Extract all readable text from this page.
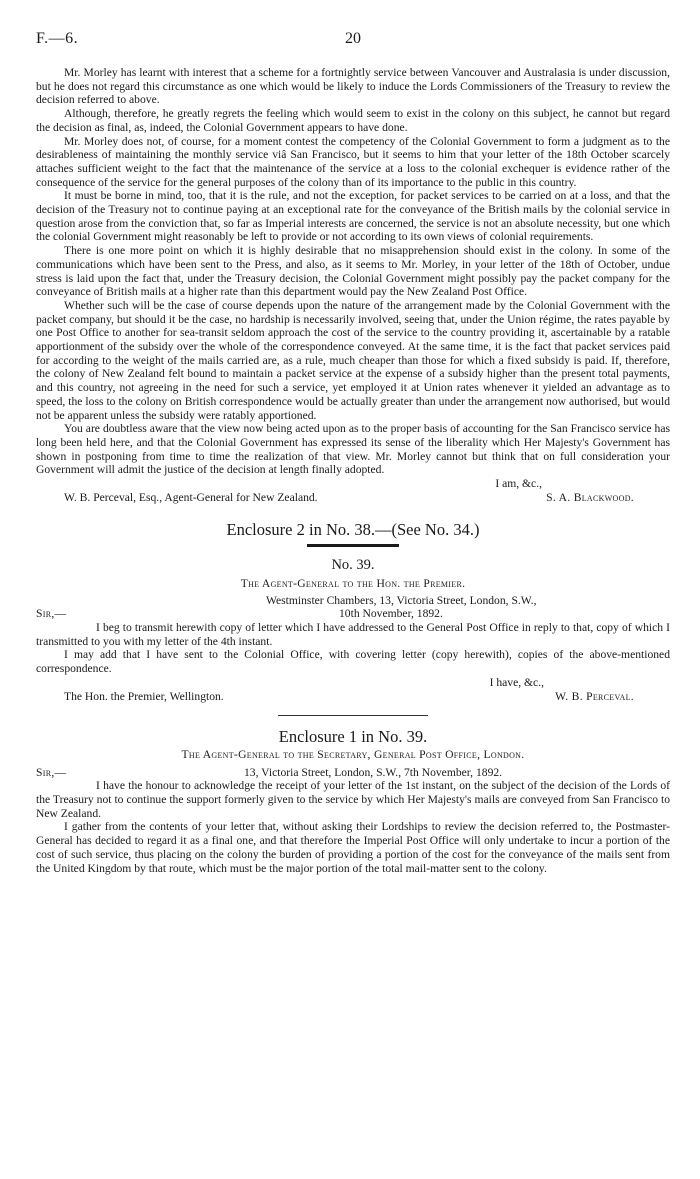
F.—6.	20

Mr. Morley has learnt with interest that a scheme for a fortnightly service between Vancouver and Australasia is under discussion, but he does not regard this circumstance as one which would be likely to induce the Lords Commissioners of the Treasury to review the decision referred to above.

Although, therefore, he greatly regrets the feeling which would seem to exist in the colony on this subject, he cannot but regard the decision as final, as, indeed, the Colonial Government appears to have done.

Mr. Morley does not, of course, for a moment contest the competency of the Colonial Government to form a judgment as to the desirableness of maintaining the monthly service viâ San Francisco, but it seems to him that your letter of the 18th October scarcely attaches sufficient weight to the fact that the maintenance of the service at a loss to the colonial exchequer is evidence rather of the consequence of the service for the general purposes of the colony than of its importance to the public in this country.

It must be borne in mind, too, that it is the rule, and not the exception, for packet services to be carried on at a loss, and that the decision of the Treasury not to continue paying at an exceptional rate for the conveyance of the British mails by the colonial service in question arose from the conviction that, so far as Imperial interests are concerned, the service is not an absolute necessity, but one which the colonial Government might reasonably be left to provide or not according to its own views of colonial requirements.

There is one more point on which it is highly desirable that no misapprehension should exist in the colony. In some of the communications which have been sent to the Press, and also, as it seems to Mr. Morley, in your letter of the 18th of October, undue stress is laid upon the fact that, under the Treasury decision, the Colonial Government might possibly pay the packet company for the conveyance of British mails at a higher rate than this department would pay the New Zealand Post Office.

Whether such will be the case of course depends upon the nature of the arrangement made by the Colonial Government with the packet company, but should it be the case, no hardship is necessarily involved, seeing that, under the Union régime, the rates payable by one Post Office to another for sea-transit seldom approach the cost of the service to the country providing it, ascertainable by a ratable apportionment of the subsidy over the whole of the correspondence conveyed. At the same time, it is the fact that packet services paid for according to the weight of the mails carried are, as a rule, much cheaper than those for which a fixed subsidy is paid. If, therefore, the colony of New Zealand felt bound to maintain a packet service at the expense of a subsidy higher than the present total payments, and this country, not agreeing in the need for such a service, yet employed it at Union rates whenever it yielded an advantage as to speed, the loss to the colony on British correspondence would be actually greater than under the arrangement now authorised, but would not be apparent unless the subsidy were ratably apportioned.

You are doubtless aware that the view now being acted upon as to the proper basis of accounting for the San Francisco service has long been held here, and that the Colonial Government has expressed its sense of the liberality which Her Majesty's Government has shown in postponing from time to time the realization of that view. Mr. Morley cannot but think that on full consideration your Government will admit the justice of the decision at length finally adopted.

I am, &c.,
W. B. Perceval, Esq., Agent-General for New Zealand.	S. A. Blackwood.
Enclosure 2 in No. 38.—(See No. 34.)
No. 39.
The Agent-General to the Hon. the Premier.
Westminster Chambers, 13, Victoria Street, London, S.W.,
Sir,—	10th November, 1892.

I beg to transmit herewith copy of letter which I have addressed to the General Post Office in reply to that, copy of which I transmitted to you with my letter of the 4th instant.

I may add that I have sent to the Colonial Office, with covering letter (copy herewith), copies of the above-mentioned correspondence.

I have, &c.,
The Hon. the Premier, Wellington.	W. B. Perceval.
Enclosure 1 in No. 39.
The Agent-General to the Secretary, General Post Office, London.
Sir,—	13, Victoria Street, London, S.W., 7th November, 1892.

I have the honour to acknowledge the receipt of your letter of the 1st instant, on the subject of the decision of the Lords of the Treasury not to continue the support formerly given to the service by which Her Majesty's mails are conveyed from San Francisco to New Zealand.

I gather from the contents of your letter that, without asking their Lordships to review the decision referred to, the Postmaster-General has decided to regard it as a final one, and that therefore the Imperial Post Office will only undertake to incur a portion of the cost of such service, thus placing on the colony the burden of providing a portion of the cost for the conveyance of the mails sent from the United Kingdom by that route, which must be the major portion of the total mail-matter sent to the colony.
